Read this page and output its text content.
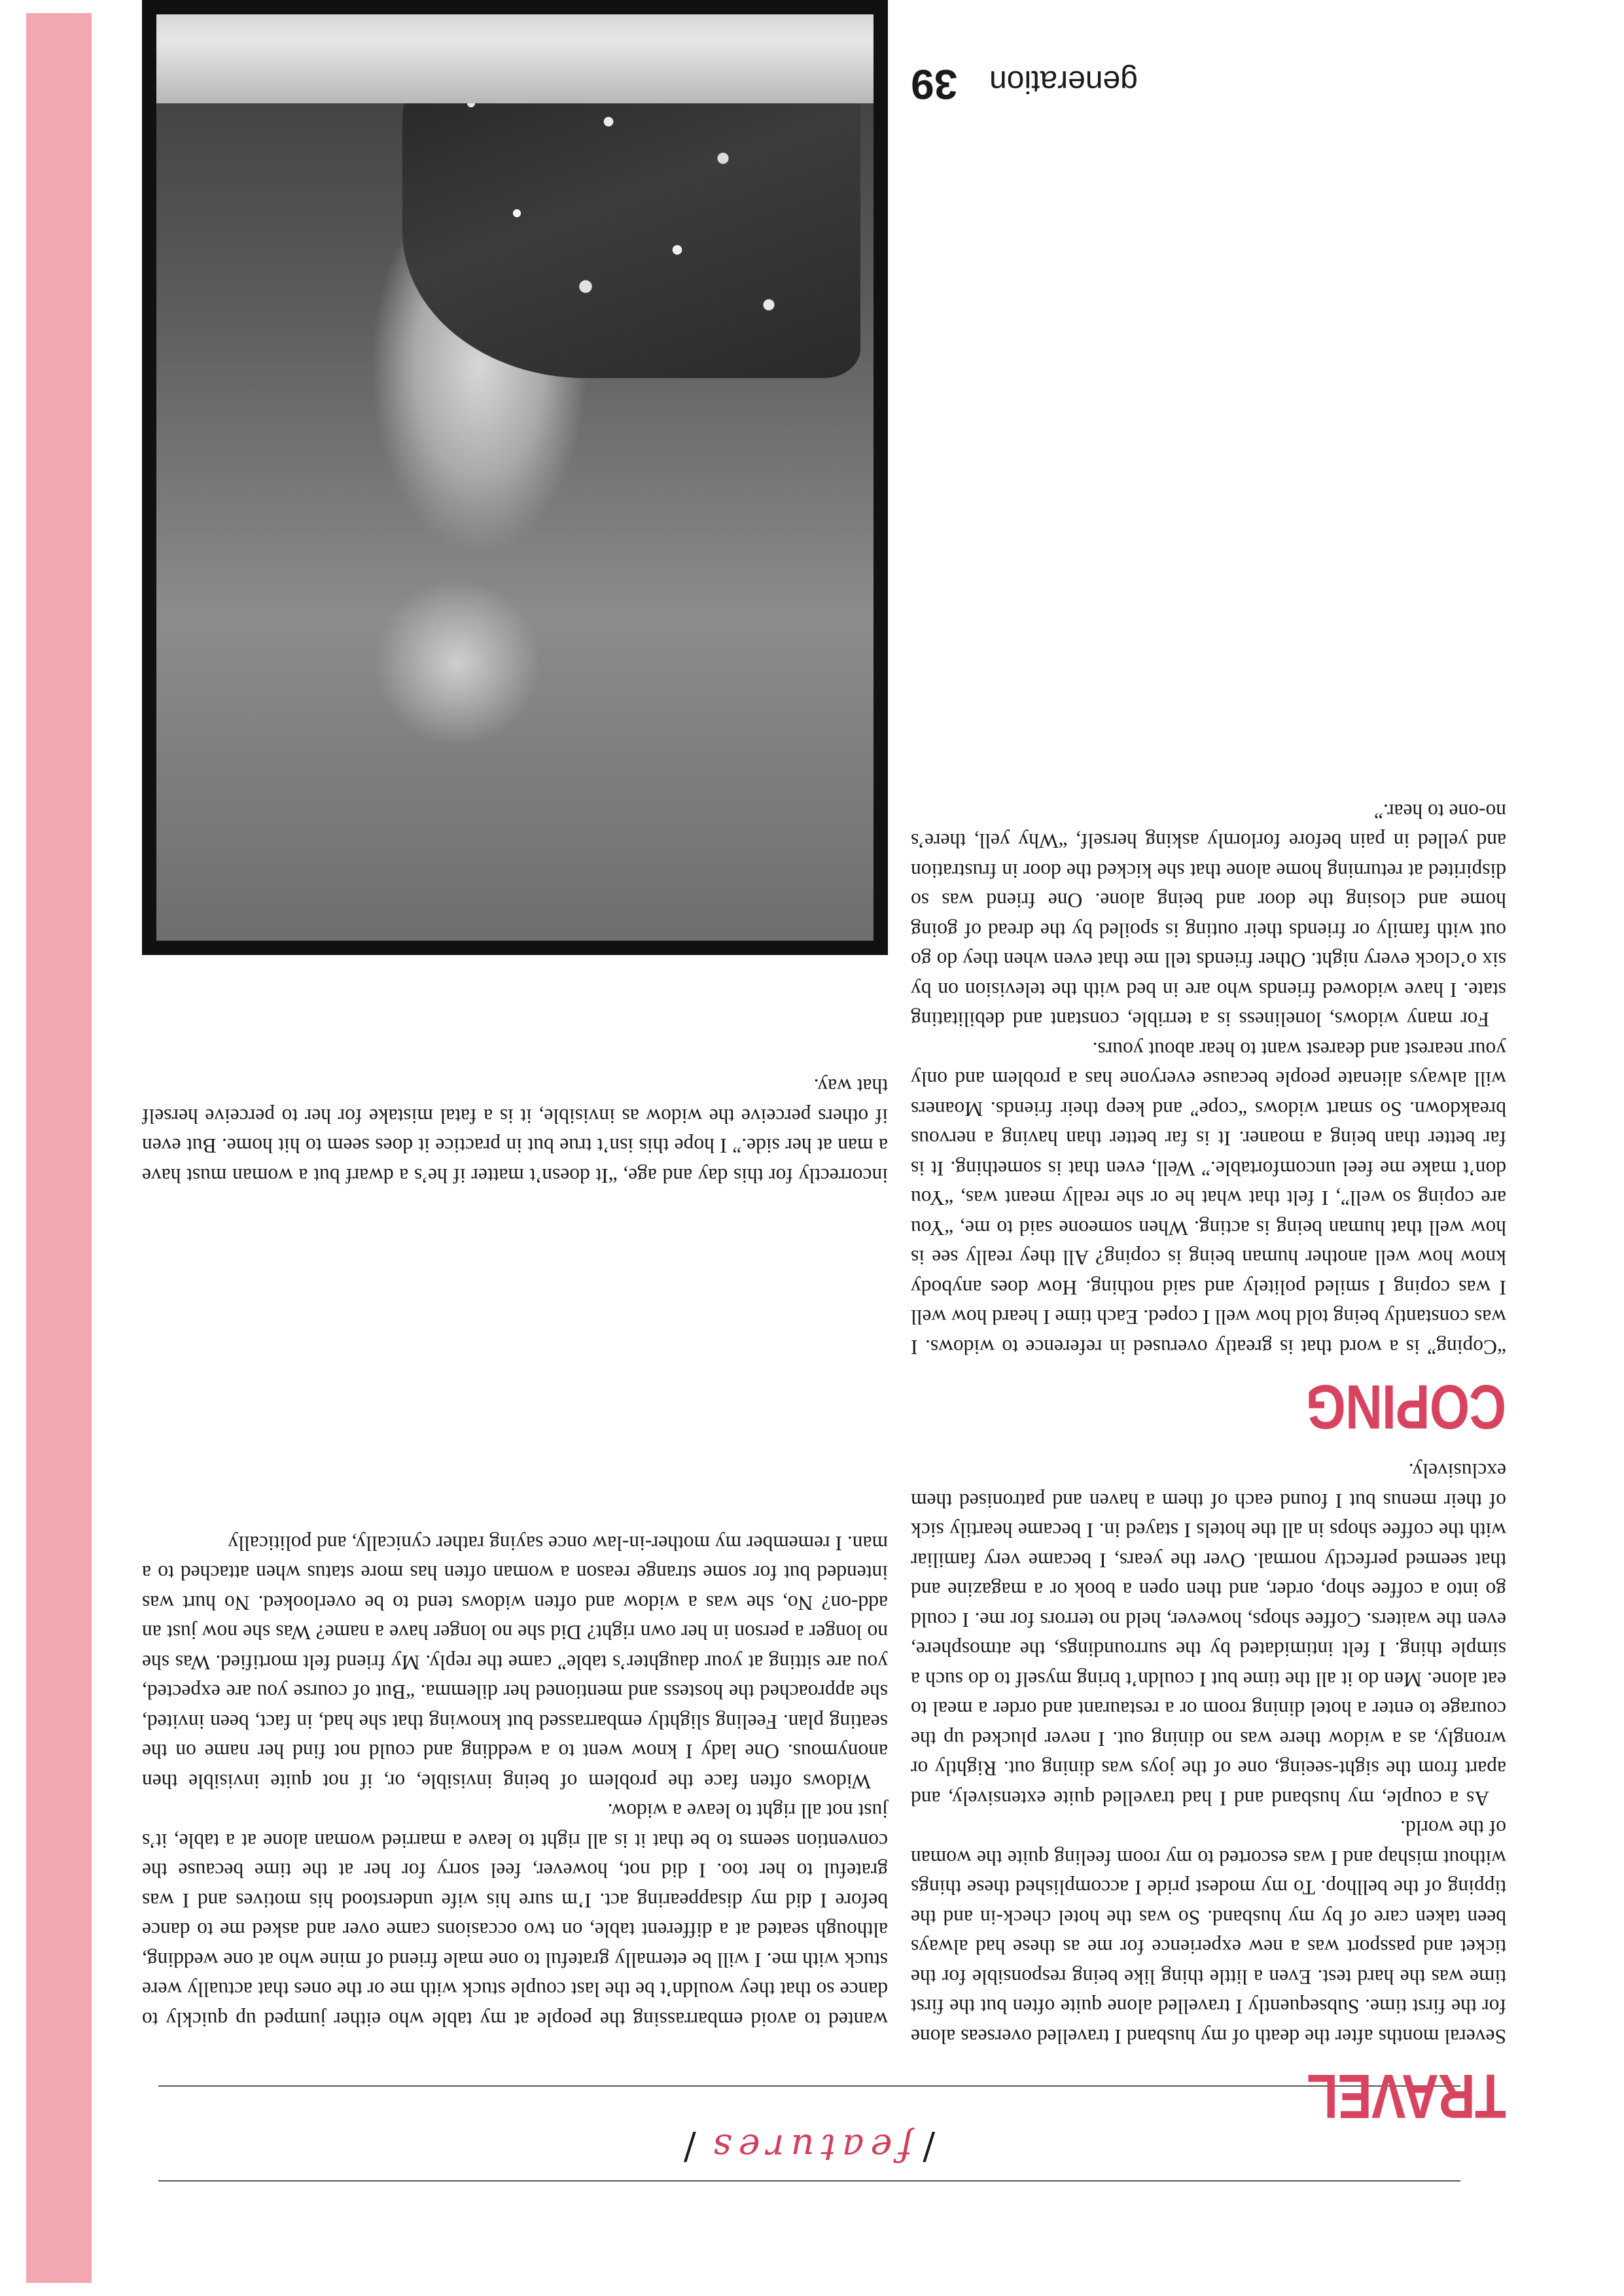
/features/

incorrectly for this day and age, “It doesn’t matter if he’s a dwarf but a woman must have a man at her side.” I hope this isn’t true but in practice it does seem to hit home. But even if others perceive the widow as invisible, it is a fatal mistake for her to perceive herself that way.

wanted to avoid embarrassing the people at my table who either jumped up quickly to dance so that they wouldn’t be the last couple stuck with me or the ones that actually were stuck with me. I will be eternally grateful to one male friend of mine who at one wedding, although seated at a different table, on two occasions came over and asked me to dance before I did my disappearing act. I’m sure his wife understood his motives and I was grateful to her too. I did not, however, feel sorry for her at the time because the convention seems to be that it is all right to leave a married woman alone at a table, it’s just not all right to leave a widow.

Widows often face the problem of being invisible, or, if not quite invisible then anonymous. One lady I know went to a wedding and could not find her name on the seating plan. Feeling slightly embarrassed but knowing that she had, in fact, been invited, she approached the hostess and mentioned her dilemma. “But of course you are expected, you are sitting at your daughter’s table” came the reply. My friend felt mortified. Was she no longer a person in her own right? Did she no longer have a name? Was she now just an add-on? No, she was a widow and often widows tend to be overlooked. No hurt was intended but for some strange reason a woman often has more status when attached to a man. I remember my mother-in-law once saying rather cynically, and politically

TRAVEL

Several months after the death of my husband I travelled overseas alone for the first time. Subsequently I travelled alone quite often but the first time was the hard test. Even a little thing like being responsible for the ticket and passport was a new experience for me as these had always been taken care of by my husband. So was the hotel check-in and the tipping of the bellhop. To my modest pride I accomplished these things without mishap and I was escorted to my room feeling quite the woman of the world.

As a couple, my husband and I had travelled quite extensively, and apart from the sight-seeing, one of the joys was dining out. Rightly or wrongly, as a widow there was no dining out. I never plucked up the courage to enter a hotel dining room or a restaurant and order a meal to eat alone. Men do it all the time but I couldn’t bring myself to do such a simple thing. I felt intimidated by the surroundings, the atmosphere, even the waiters. Coffee shops, however, held no terrors for me. I could go into a coffee shop, order, and then open a book or a magazine and that seemed perfectly normal. Over the years, I became very familiar with the coffee shops in all the hotels I stayed in. I became heartily sick of their menus but I found each of them a haven and patronised them exclusively.

COPING

“Coping” is a word that is greatly overused in reference to widows. I was constantly being told how well I coped. Each time I heard how well I was coping I smiled politely and said nothing. How does anybody know how well another human being is coping? All they really see is how well that human being is acting. When someone said to me, “You are coping so well”, I felt that what he or she really meant was, “You don’t make me feel uncomfortable.” Well, even that is something. It is far better than being a moaner. It is far better than having a nervous breakdown. So smart widows “cope” and keep their friends. Moaners will always alienate people because everyone has a problem and only your nearest and dearest want to hear about yours.

For many widows, loneliness is a terrible, constant and debilitating state. I have widowed friends who are in bed with the television on by six o’clock every night. Other friends tell me that even when they do go out with family or friends their outing is spoiled by the dread of going home and closing the door and being alone. One friend was so dispirited at returning home alone that she kicked the door in frustration and yelled in pain before forlornly asking herself, “Why yell, there’s no-one to hear.”

generation
39
